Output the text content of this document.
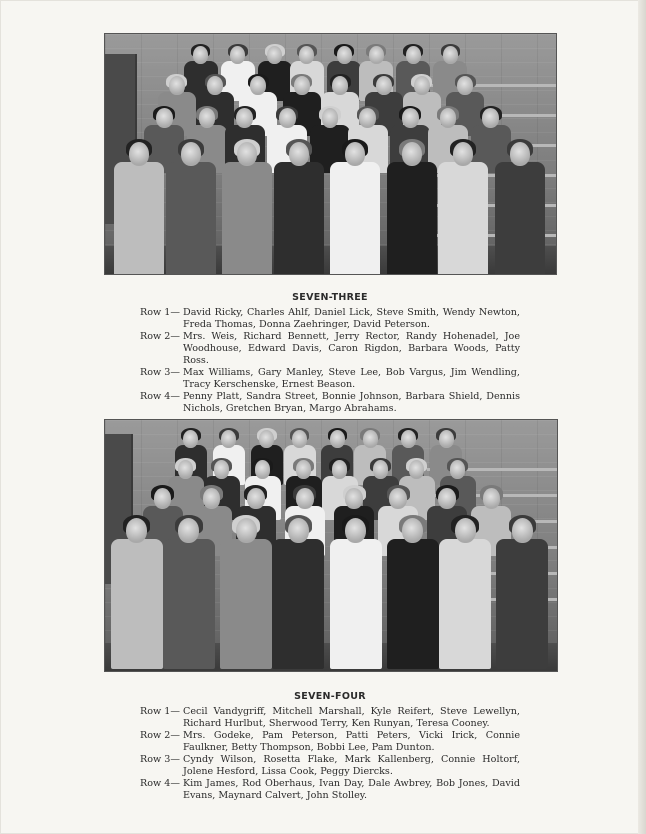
SEVEN-THREE
Row 1— David Ricky, Charles Ahlf, Daniel Lick, Steve Smith, Wendy Newton, Freda Thomas, Donna Zaehringer, David Peterson.
Row 2— Mrs. Weis, Richard Bennett, Jerry Rector, Randy Hohenadel, Joe Woodhouse, Edward Davis, Caron Rigdon, Barbara Woods, Patty Ross.
Row 3— Max Williams, Gary Manley, Steve Lee, Bob Vargus, Jim Wendling, Tracy Kerschenske, Ernest Beason.
Row 4— Penny Platt, Sandra Street, Bonnie Johnson, Barbara Shield, Dennis Nichols, Gretchen Bryan, Margo Abrahams.
SEVEN-FOUR
Row 1— Cecil Vandygriff, Mitchell Marshall, Kyle Reifert, Steve Lewellyn, Richard Hurlbut, Sherwood Terry, Ken Runyan, Teresa Cooney.
Row 2— Mrs. Godeke, Pam Peterson, Patti Peters, Vicki Irick, Connie Faulkner, Betty Thompson, Bobbi Lee, Pam Dunton.
Row 3— Cyndy Wilson, Rosetta Flake, Mark Kallenberg, Connie Holtorf, Jolene Hesford, Lissa Cook, Peggy Diercks.
Row 4— Kim James, Rod Oberhaus, Ivan Day, Dale Awbrey, Bob Jones, David Evans, Maynard Calvert, John Stolley.
